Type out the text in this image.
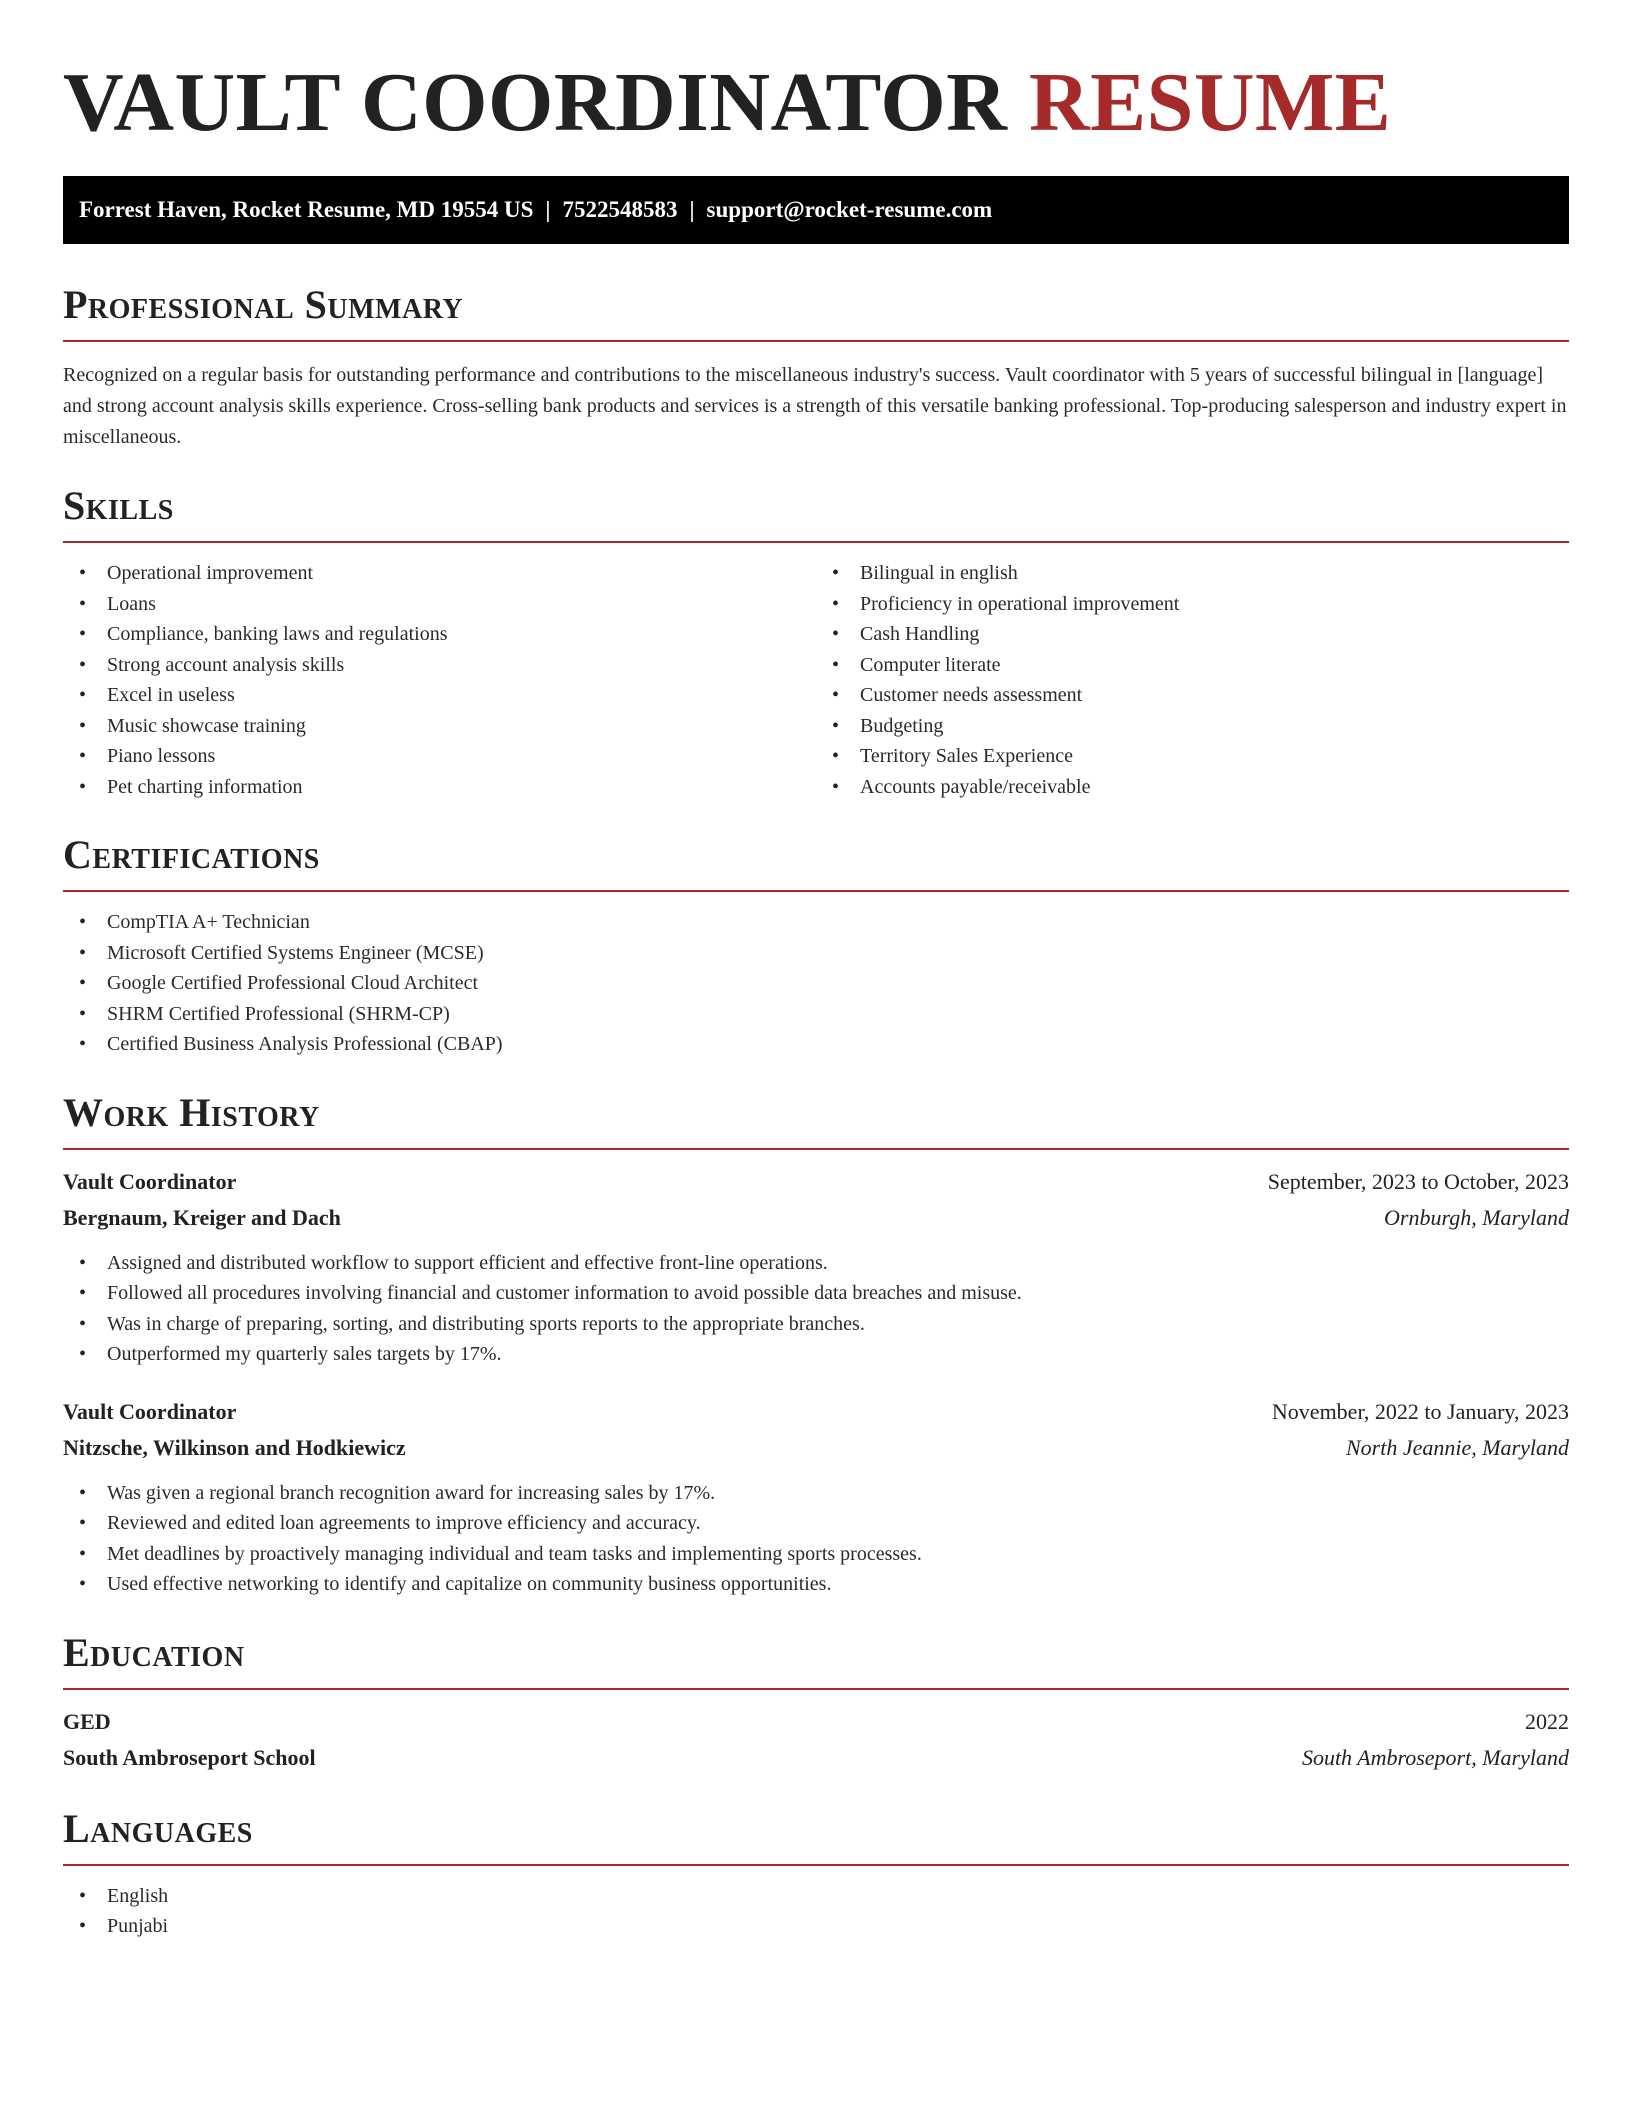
VAULT COORDINATOR RESUME
Forrest Haven, Rocket Resume, MD 19554 US | 7522548583 | support@rocket-resume.com
Professional Summary

Recognized on a regular basis for outstanding performance and contributions to the miscellaneous industry's success. Vault coordinator with 5 years of successful bilingual in [language] and strong account analysis skills experience. Cross-selling bank products and services is a strength of this versatile banking professional. Top-producing salesperson and industry expert in miscellaneous.

Skills
• Operational improvement
• Loans
• Compliance, banking laws and regulations
• Strong account analysis skills
• Excel in useless
• Music showcase training
• Piano lessons
• Pet charting information
• Bilingual in english
• Proficiency in operational improvement
• Cash Handling
• Computer literate
• Customer needs assessment
• Budgeting
• Territory Sales Experience
• Accounts payable/receivable
Certifications
• CompTIA A+ Technician
• Microsoft Certified Systems Engineer (MCSE)
• Google Certified Professional Cloud Architect
• SHRM Certified Professional (SHRM-CP)
• Certified Business Analysis Professional (CBAP)
Work History
Vault Coordinator	September, 2023 to October, 2023
Bergnaum, Kreiger and Dach	Ornburgh, Maryland
• Assigned and distributed workflow to support efficient and effective front-line operations.
• Followed all procedures involving financial and customer information to avoid possible data breaches and misuse.
• Was in charge of preparing, sorting, and distributing sports reports to the appropriate branches.
• Outperformed my quarterly sales targets by 17%.
Vault Coordinator	November, 2022 to January, 2023
Nitzsche, Wilkinson and Hodkiewicz	North Jeannie, Maryland
• Was given a regional branch recognition award for increasing sales by 17%.
• Reviewed and edited loan agreements to improve efficiency and accuracy.
• Met deadlines by proactively managing individual and team tasks and implementing sports processes.
• Used effective networking to identify and capitalize on community business opportunities.
Education
GED	2022
South Ambroseport School	South Ambroseport, Maryland
Languages
• English
• Punjabi
